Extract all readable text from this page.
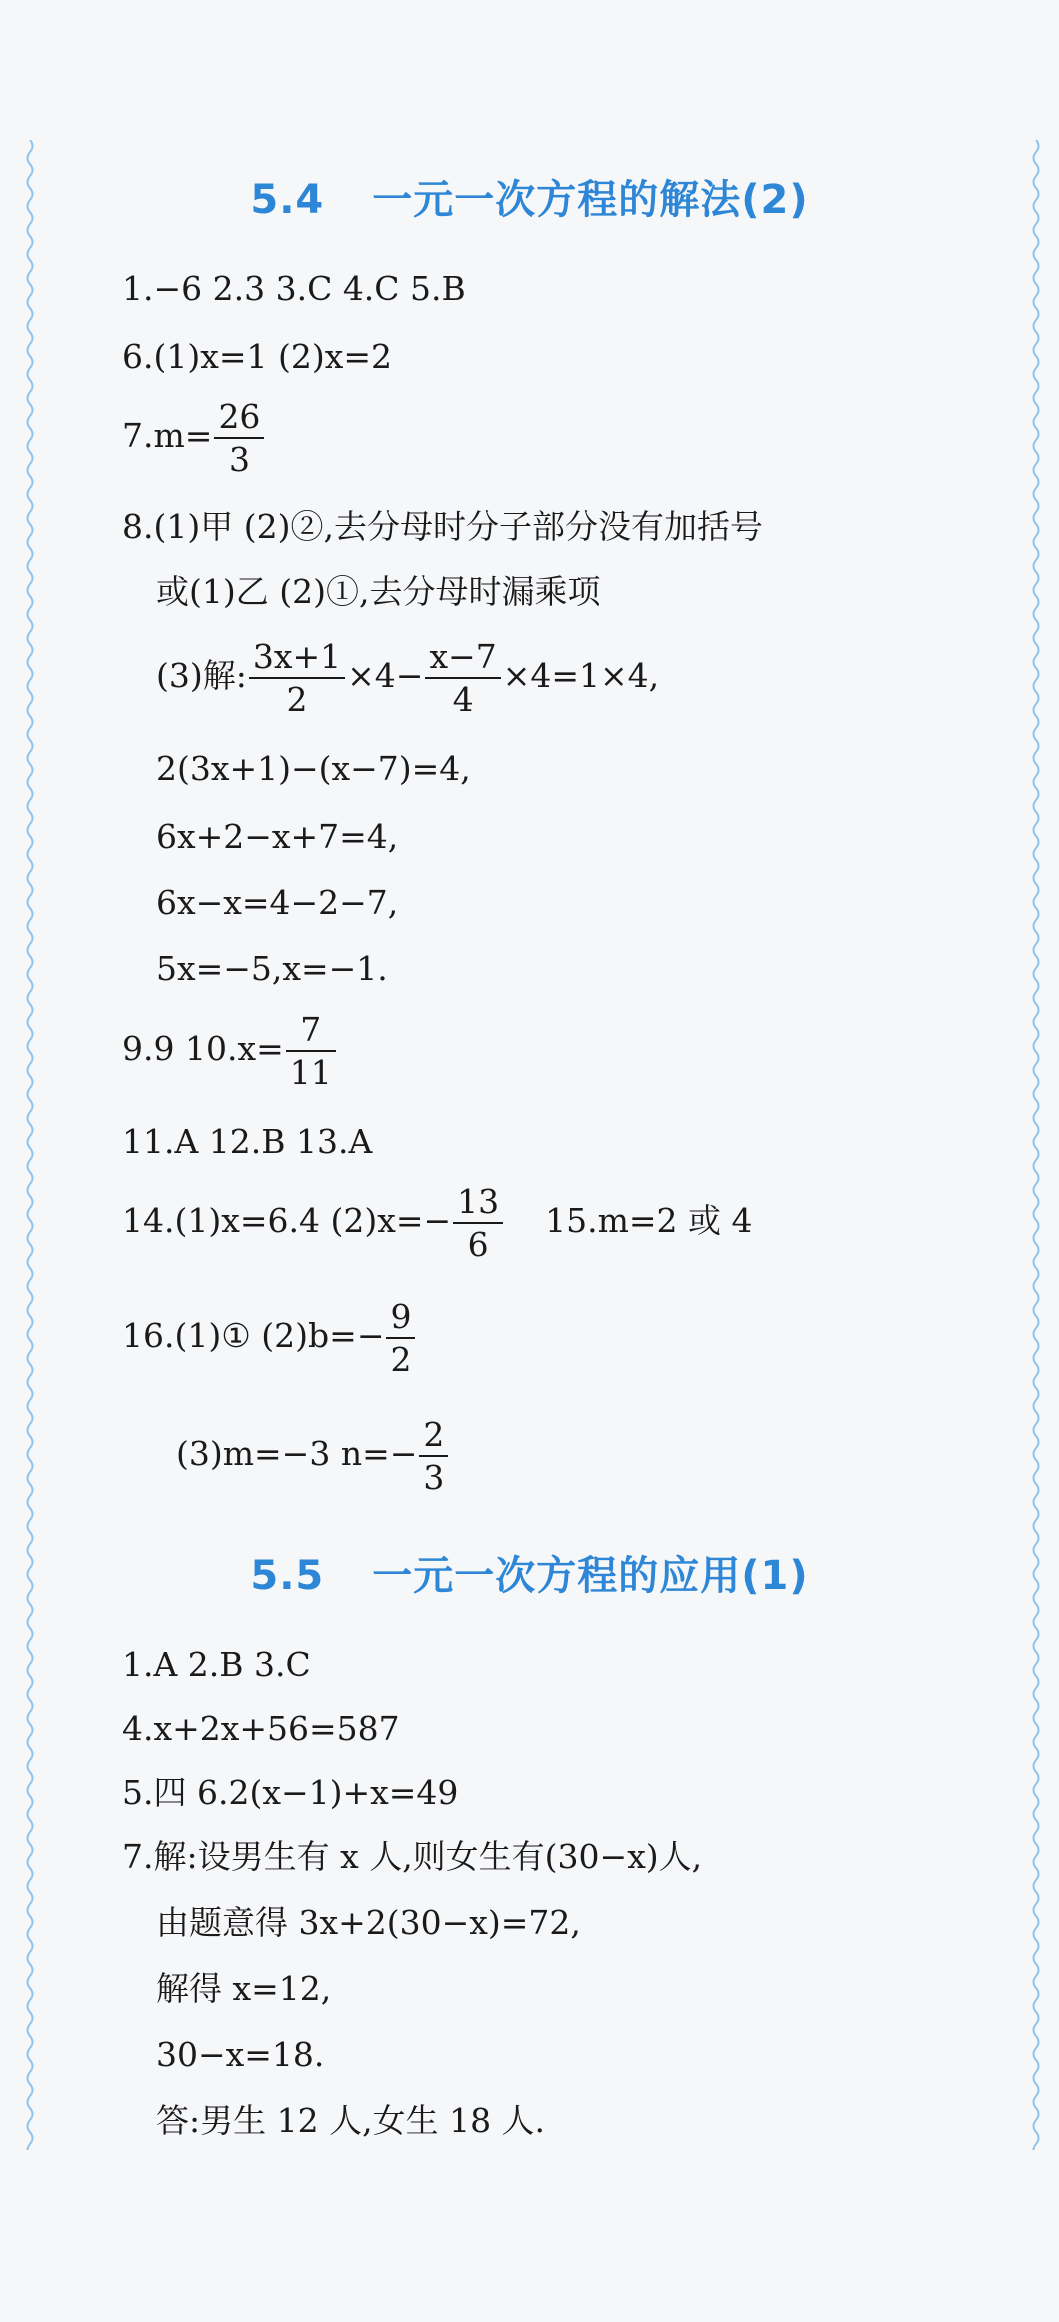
5.4 一元一次方程的解法(2)
1.−6 2.3 3.C 4.C 5.B
6.(1)x=1 (2)x=2
$7.m= \frac{26}{3}$
8.(1)甲 (2)②,去分母时分子部分没有加括号
或(1)乙 (2)①,去分母时漏乘项
(3)解: $\frac{3x+1}{2} \times 4- \frac{x-7}{4} \times 4=1\times 4$,
2(3x+1)−(x−7)=4,
6x+2−x+7=4,
6x−x=4−2−7,
5x=−5,x=−1.
9.9 $10.x= \frac{7}{11}$
11.A 12.B 13.A
14.(1)x=6.4 $(2)x=- \frac{13}{6} 15.m=2$ 或 4
16.(1)① $(2)b=- \frac{9}{2}$
(3)m=−3 $n=- \frac{2}{3}$
5.5 一元一次方程的应用(1)
1.A 2.B 3.C
4.x+2x+56=587
5.四 6.2(x−1)+x=49
7.解:设男生有 x 人,则女生有(30−x)人,
由题意得 3x+2(30−x)=72,
解得 x=12,
30−x=18.
答:男生 12 人,女生 18 人.
